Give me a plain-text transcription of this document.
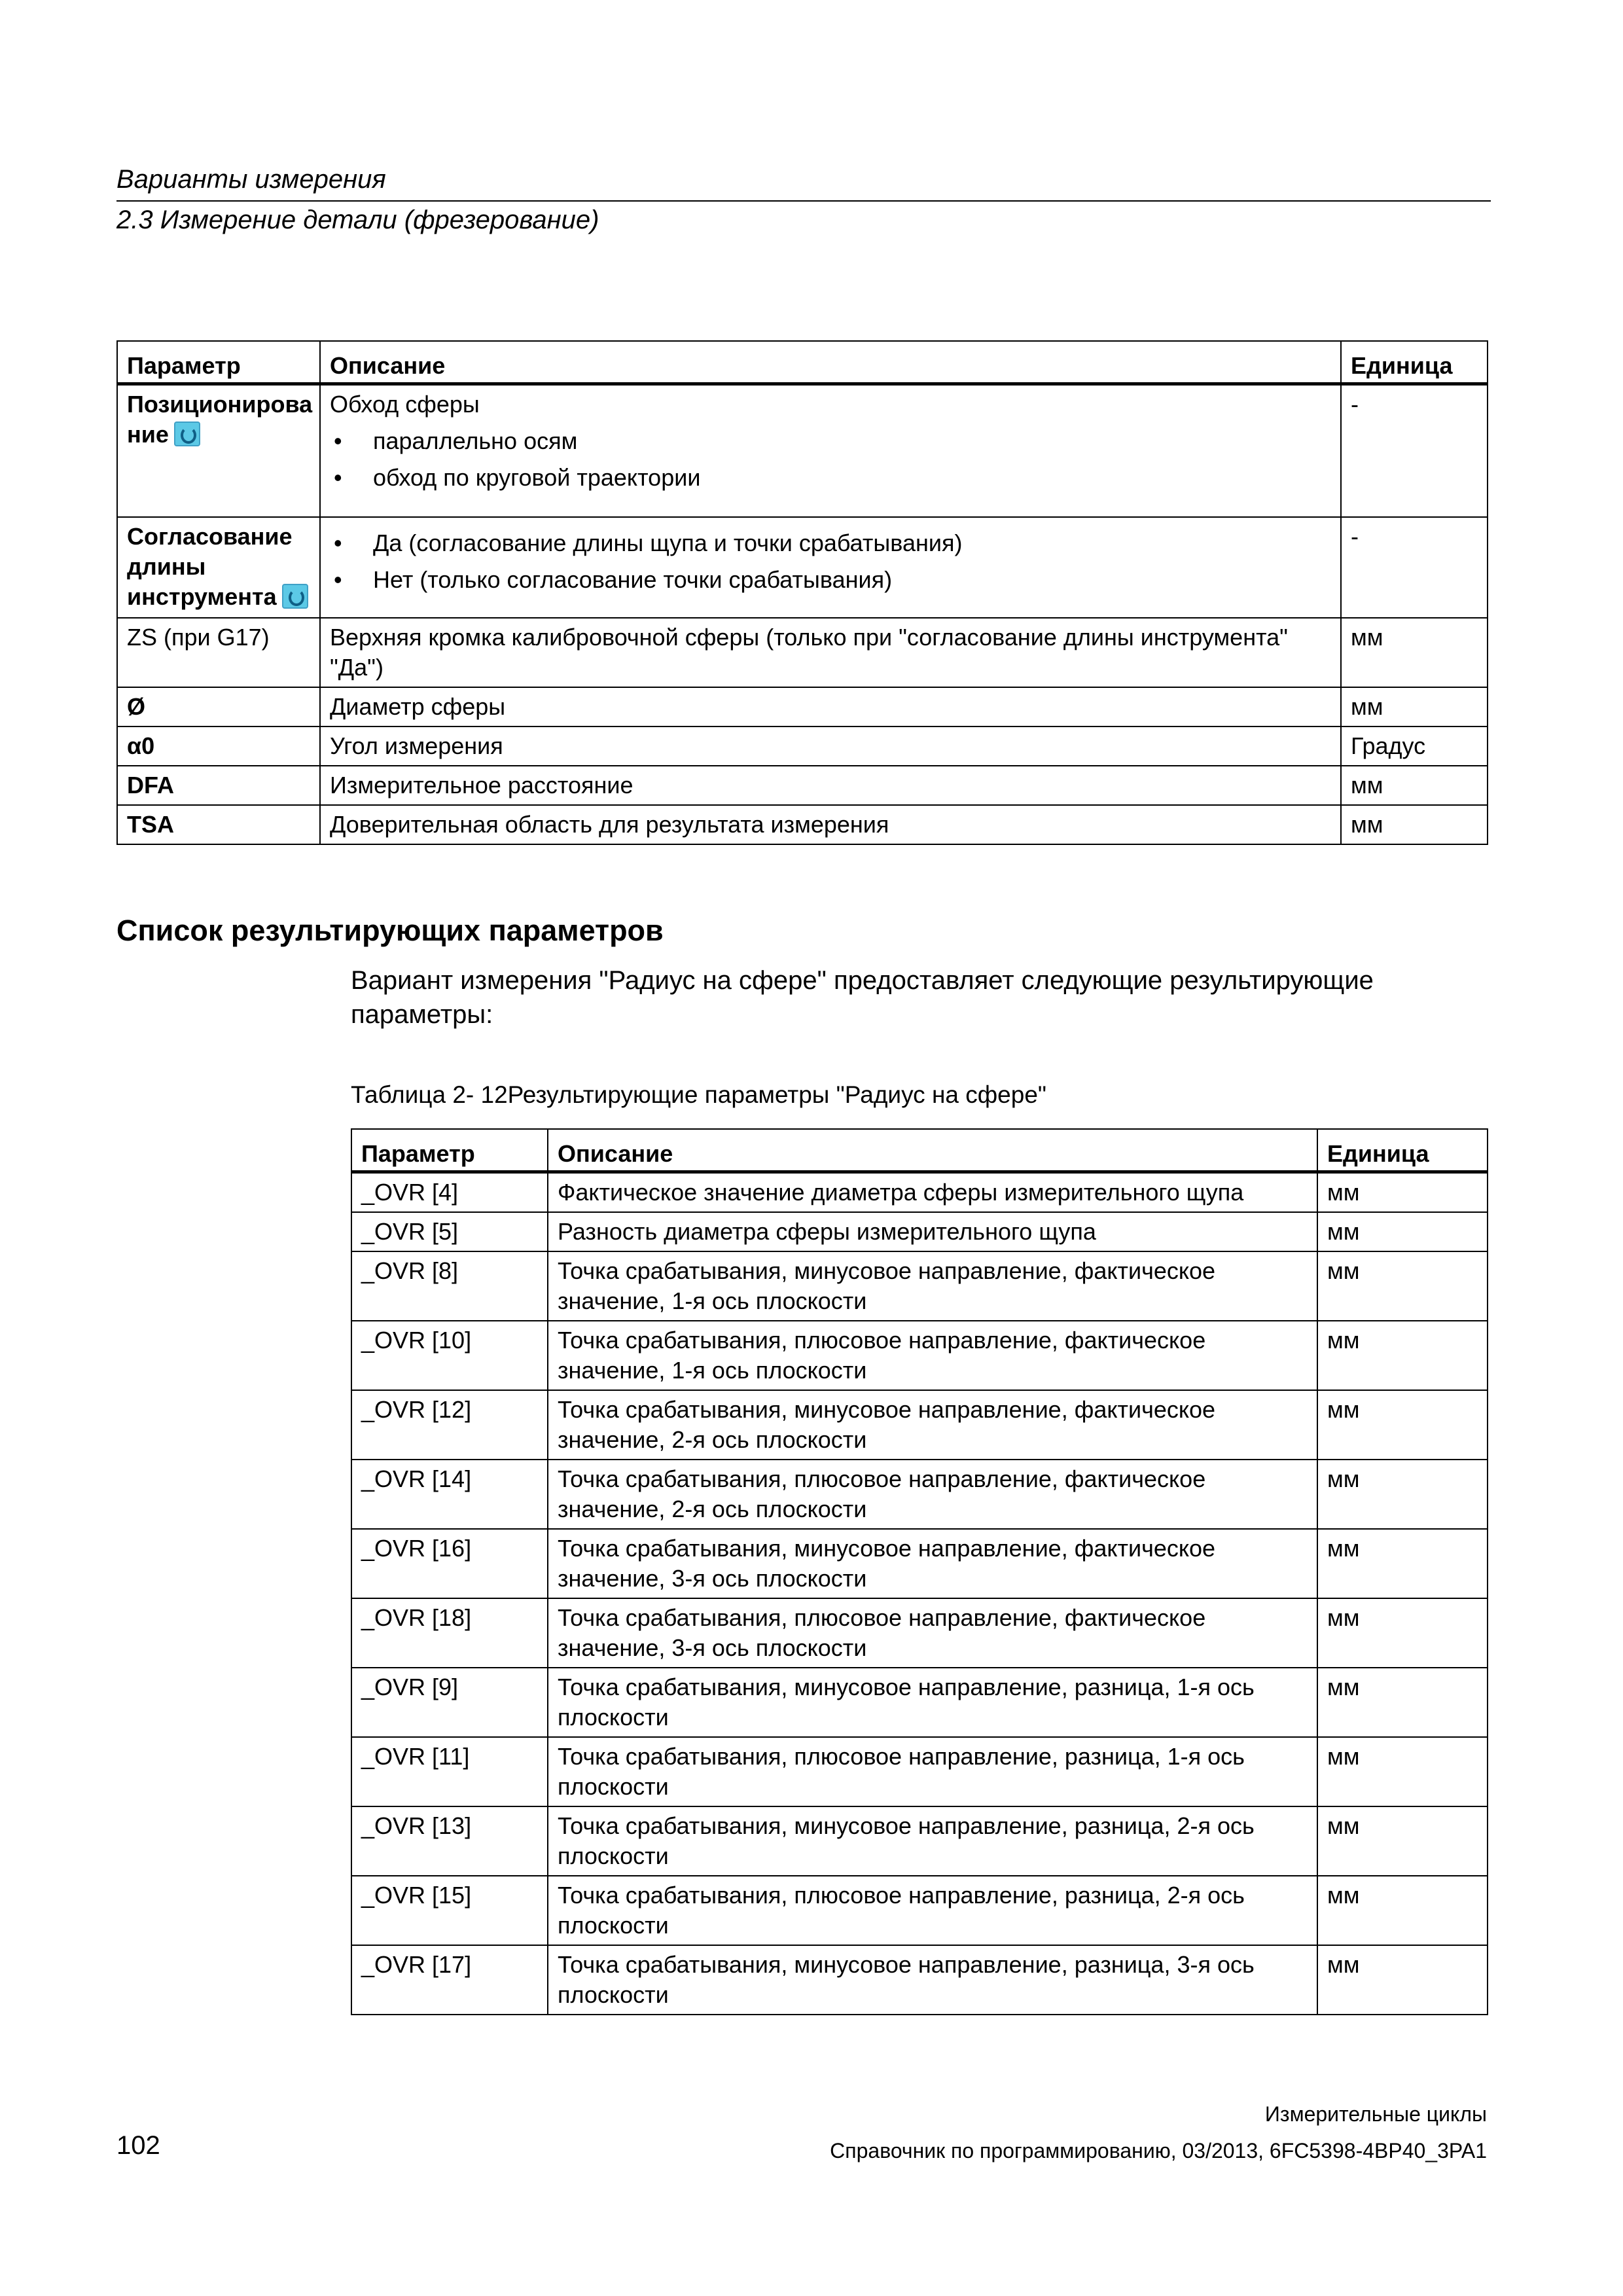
Варианты измерения
2.3 Измерение детали (фрезерование)
Параметр	Описание	Единица
Позиционирова ние	Обход сферы
• параллельно осям
• обход по круговой траектории	-
Согласование длины инструмента	• Да (согласование длины щупа и точки срабатывания)
• Нет (только согласование точки срабатывания)	-
ZS (при G17)	Верхняя кромка калибровочной сферы (только при "согласование длины инструмента" "Да")	мм
Ø	Диаметр сферы	мм
α0	Угол измерения	Градус
DFA	Измерительное расстояние	мм
TSA	Доверительная область для результата измерения	мм
Список результирующих параметров
Вариант измерения "Радиус на сфере" предоставляет следующие результирующие параметры:
Таблица 2- 12Результирующие параметры "Радиус на сфере"
Параметр	Описание	Единица
_OVR [4]	Фактическое значение диаметра сферы измерительного щупа	мм
_OVR [5]	Разность диаметра сферы измерительного щупа	мм
_OVR [8]	Точка срабатывания, минусовое направление, фактическое значение, 1-я ось плоскости	мм
_OVR [10]	Точка срабатывания, плюсовое направление, фактическое значение, 1-я ось плоскости	мм
_OVR [12]	Точка срабатывания, минусовое направление, фактическое значение, 2-я ось плоскости	мм
_OVR [14]	Точка срабатывания, плюсовое направление, фактическое значение, 2-я ось плоскости	мм
_OVR [16]	Точка срабатывания, минусовое направление, фактическое значение, 3-я ось плоскости	мм
_OVR [18]	Точка срабатывания, плюсовое направление, фактическое значение, 3-я ось плоскости	мм
_OVR [9]	Точка срабатывания, минусовое направление, разница, 1-я ось плоскости	мм
_OVR [11]	Точка срабатывания, плюсовое направление, разница, 1-я ось плоскости	мм
_OVR [13]	Точка срабатывания, минусовое направление, разница, 2-я ось плоскости	мм
_OVR [15]	Точка срабатывания, плюсовое направление, разница, 2-я ось плоскости	мм
_OVR [17]	Точка срабатывания, минусовое направление, разница, 3-я ось плоскости	мм
Измерительные циклы
102	Справочник по программированию, 03/2013, 6FC5398-4BP40_3PA1
